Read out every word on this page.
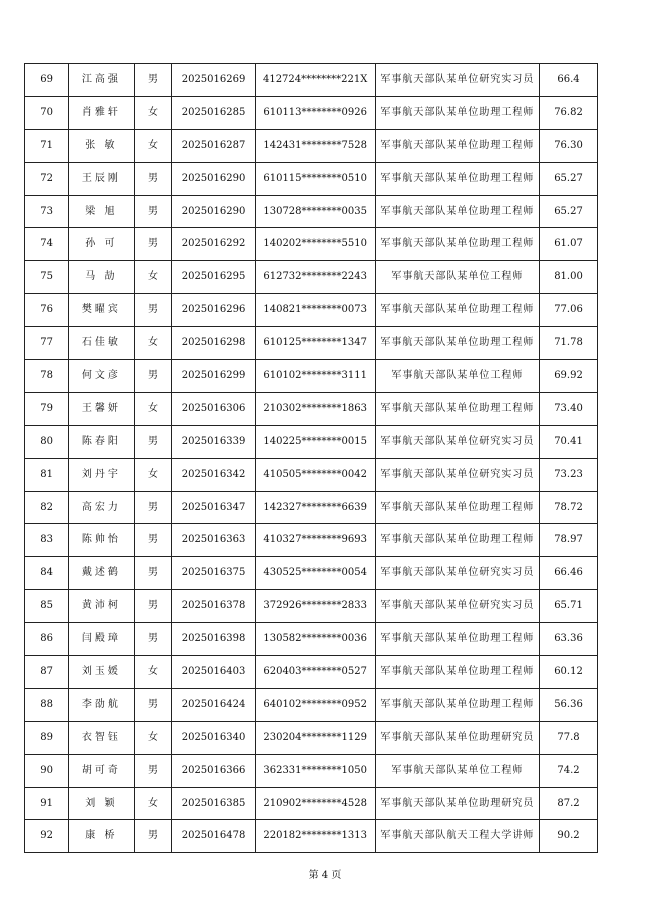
69	江高强	男	2025016269	412724********221X	军事航天部队某单位研究实习员	66.4
70	肖雅轩	女	2025016285	610113********0926	军事航天部队某单位助理工程师	76.82
71	张 敏	女	2025016287	142431********7528	军事航天部队某单位助理工程师	76.30
72	王辰刚	男	2025016290	610115********0510	军事航天部队某单位助理工程师	65.27
73	梁 旭	男	2025016290	130728********0035	军事航天部队某单位助理工程师	65.27
74	孙 可	男	2025016292	140202********5510	军事航天部队某单位助理工程师	61.07
75	马 劼	女	2025016295	612732********2243	军事航天部队某单位工程师	81.00
76	樊曜宾	男	2025016296	140821********0073	军事航天部队某单位助理工程师	77.06
77	石佳敏	女	2025016298	610125********1347	军事航天部队某单位助理工程师	71.78
78	何文彦	男	2025016299	610102********3111	军事航天部队某单位工程师	69.92
79	王馨妍	女	2025016306	210302********1863	军事航天部队某单位助理工程师	73.40
80	陈春阳	男	2025016339	140225********0015	军事航天部队某单位研究实习员	70.41
81	刘丹宇	女	2025016342	410505********0042	军事航天部队某单位研究实习员	73.23
82	高宏力	男	2025016347	142327********6639	军事航天部队某单位助理工程师	78.72
83	陈帅怡	男	2025016363	410327********9693	军事航天部队某单位助理工程师	78.97
84	戴述鹤	男	2025016375	430525********0054	军事航天部队某单位研究实习员	66.46
85	黄沛柯	男	2025016378	372926********2833	军事航天部队某单位研究实习员	65.71
86	闫殿璋	男	2025016398	130582********0036	军事航天部队某单位助理工程师	63.36
87	刘玉媛	女	2025016403	620403********0527	军事航天部队某单位助理工程师	60.12
88	李劭航	男	2025016424	640102********0952	军事航天部队某单位助理工程师	56.36
89	衣智钰	女	2025016340	230204********1129	军事航天部队某单位助理研究员	77.8
90	胡可奇	男	2025016366	362331********1050	军事航天部队某单位工程师	74.2
91	刘 颖	女	2025016385	210902********4528	军事航天部队某单位助理研究员	87.2
92	康 桥	男	2025016478	220182********1313	军事航天部队航天工程大学讲师	90.2
第 4 页
